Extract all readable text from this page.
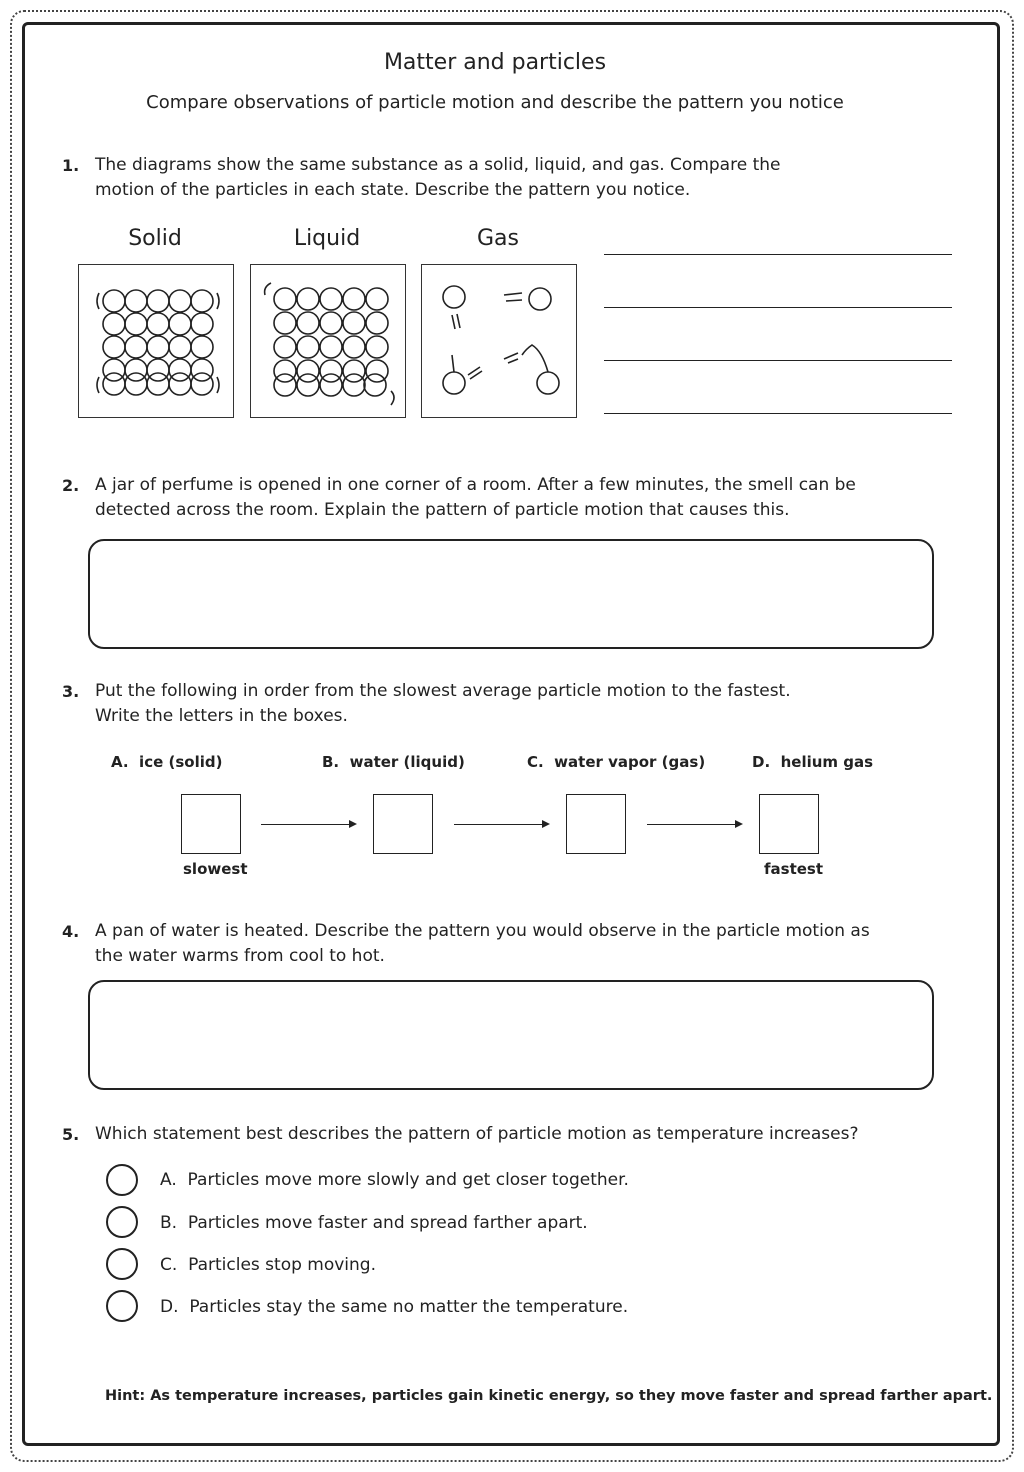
Matter and particles
Compare observations of particle motion and describe the pattern you notice
1. The diagrams show the same substance as a solid, liquid, and gas. Compare the
motion of the particles in each state. Describe the pattern you notice.
Solid	Liquid	Gas
2. A jar of perfume is opened in one corner of a room. After a few minutes, the smell can be
detected across the room. Explain the pattern of particle motion that causes this.
3. Put the following in order from the slowest average particle motion to the fastest.
Write the letters in the boxes.
A. ice (solid)	B. water (liquid)	C. water vapor (gas)	D. helium gas
slowest	fastest
4. A pan of water is heated. Describe the pattern you would observe in the particle motion as
the water warms from cool to hot.
5. Which statement best describes the pattern of particle motion as temperature increases?
A. Particles move more slowly and get closer together.
B. Particles move faster and spread farther apart.
C. Particles stop moving.
D. Particles stay the same no matter the temperature.
Hint: As temperature increases, particles gain kinetic energy, so they move faster and spread farther apart.
